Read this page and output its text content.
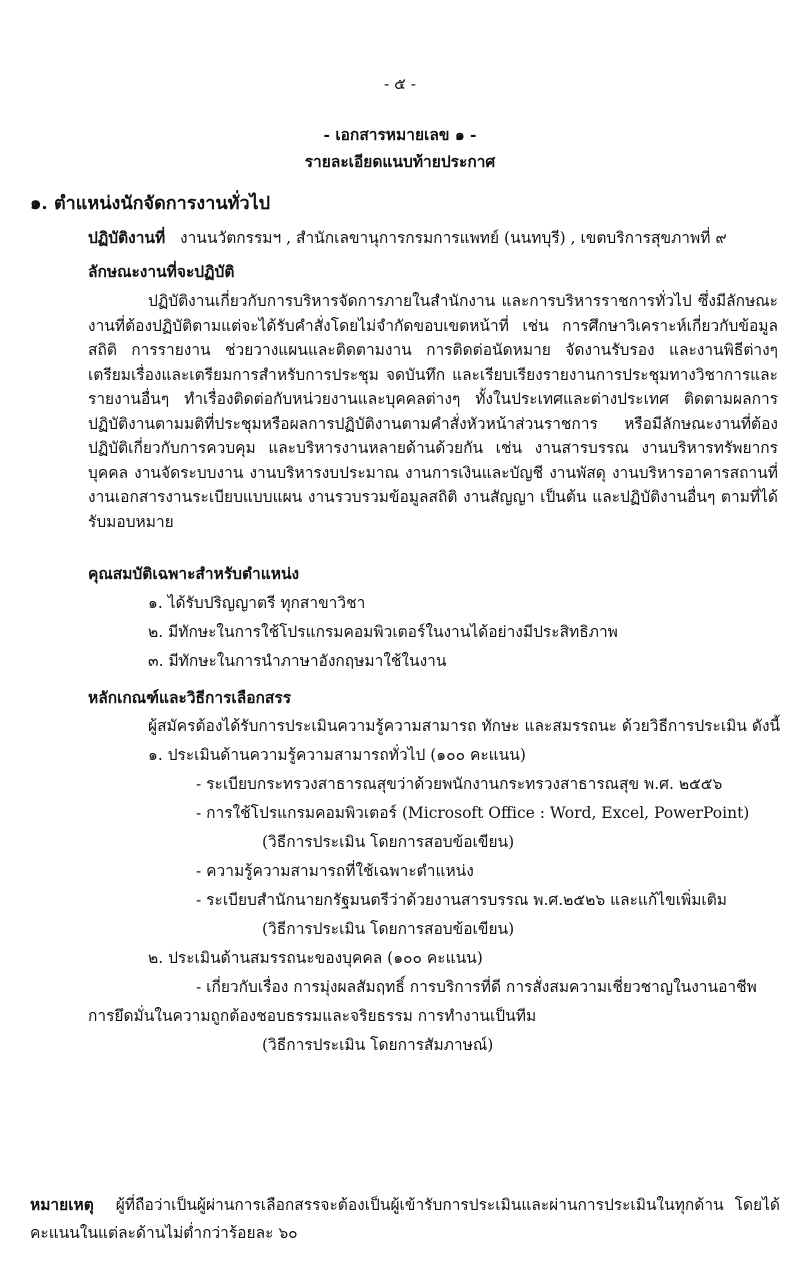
- ๕ -
- เอกสารหมายเลข ๑ -
รายละเอียดแนบท้ายประกาศ
๑. ตำแหน่งนักจัดการงานทั่วไป
ปฏิบัติงานที่ งานนวัตกรรมฯ , สำนักเลขานุการกรมการแพทย์ (นนทบุรี) , เขตบริการสุขภาพที่ ๙
ลักษณะงานที่จะปฏิบัติ
ปฏิบัติงานเกี่ยวกับการบริหารจัดการภายในสำนักงาน และการบริหารราชการทั่วไป ซึ่งมีลักษณะงานที่ต้องปฏิบัติตามแต่จะได้รับคำสั่งโดยไม่จำกัดขอบเขตหน้าที่ เช่น การศึกษาวิเคราะห์เกี่ยวกับข้อมูลสถิติ การรายงาน ช่วยวางแผนและติดตามงาน การติดต่อนัดหมาย จัดงานรับรอง และงานพิธีต่างๆ เตรียมเรื่องและเตรียมการสำหรับการประชุม จดบันทึก และเรียบเรียงรายงานการประชุมทางวิชาการและรายงานอื่นๆ ทำเรื่องติดต่อกับหน่วยงานและบุคคลต่างๆ ทั้งในประเทศและต่างประเทศ ติดตามผลการปฏิบัติงานตามมติที่ประชุมหรือผลการปฏิบัติงานตามคำสั่งหัวหน้าส่วนราชการ หรือมีลักษณะงานที่ต้องปฏิบัติเกี่ยวกับการควบคุม และบริหารงานหลายด้านด้วยกัน เช่น งานสารบรรณ งานบริหารทรัพยากรบุคคล งานจัดระบบงาน งานบริหารงบประมาณ งานการเงินและบัญชี งานพัสดุ งานบริหารอาคารสถานที่ งานเอกสารงานระเบียบแบบแผน งานรวบรวมข้อมูลสถิติ งานสัญญา เป็นต้น และปฏิบัติงานอื่นๆ ตามที่ได้รับมอบหมาย
คุณสมบัติเฉพาะสำหรับตำแหน่ง
๑. ได้รับปริญญาตรี ทุกสาขาวิชา
๒. มีทักษะในการใช้โปรแกรมคอมพิวเตอร์ในงานได้อย่างมีประสิทธิภาพ
๓. มีทักษะในการนำภาษาอังกฤษมาใช้ในงาน
หลักเกณฑ์และวิธีการเลือกสรร
ผู้สมัครต้องได้รับการประเมินความรู้ความสามารถ ทักษะ และสมรรถนะ ด้วยวิธีการประเมิน ดังนี้
๑. ประเมินด้านความรู้ความสามารถทั่วไป (๑๐๐ คะแนน)
- ระเบียบกระทรวงสาธารณสุขว่าด้วยพนักงานกระทรวงสาธารณสุข พ.ศ. ๒๕๕๖
- การใช้โปรแกรมคอมพิวเตอร์ (Microsoft Office : Word, Excel, PowerPoint)
(วิธีการประเมิน โดยการสอบข้อเขียน)
- ความรู้ความสามารถที่ใช้เฉพาะตำแหน่ง
- ระเบียบสำนักนายกรัฐมนตรีว่าด้วยงานสารบรรณ พ.ศ.๒๕๒๖ และแก้ไขเพิ่มเติม
(วิธีการประเมิน โดยการสอบข้อเขียน)
๒. ประเมินด้านสมรรถนะของบุคคล (๑๐๐ คะแนน)
- เกี่ยวกับเรื่อง การมุ่งผลสัมฤทธิ์ การบริการที่ดี การสั่งสมความเชี่ยวชาญในงานอาชีพ
การยึดมั่นในความถูกต้องชอบธรรมและจริยธรรม การทำงานเป็นทีม
(วิธีการประเมิน โดยการสัมภาษณ์)
หมายเหตุ ผู้ที่ถือว่าเป็นผู้ผ่านการเลือกสรรจะต้องเป็นผู้เข้ารับการประเมินและผ่านการประเมินในทุกด้าน โดยได้คะแนนในแต่ละด้านไม่ต่ำกว่าร้อยละ ๖๐
